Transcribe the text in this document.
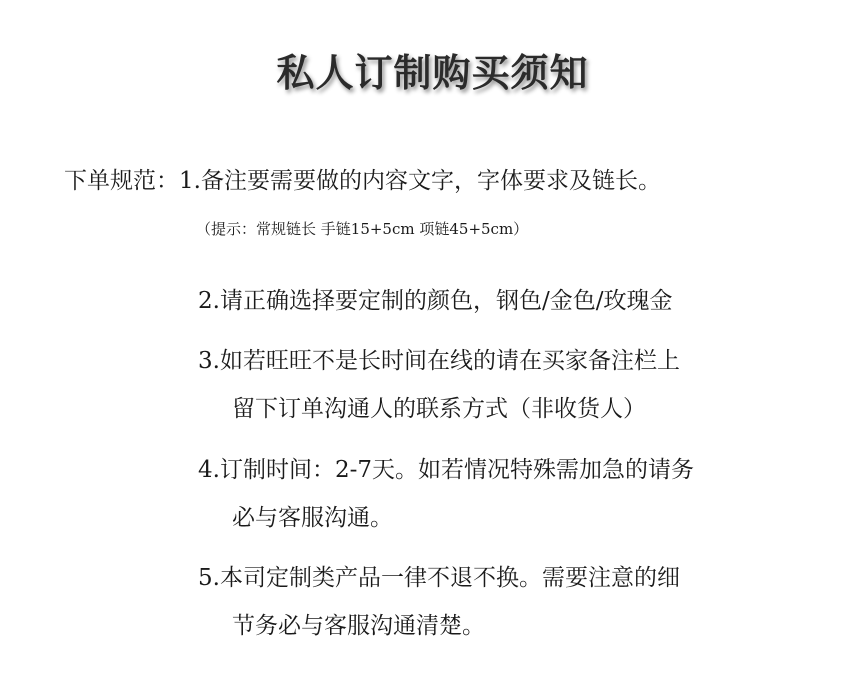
私人订制购买须知
下单规范：1.备注要需要做的内容文字，字体要求及链长。
（提示：常规链长 手链15+5cm 项链45+5cm）
2.请正确选择要定制的颜色，钢色/金色/玫瑰金
3.如若旺旺不是长时间在线的请在买家备注栏上
留下订单沟通人的联系方式（非收货人）
4.订制时间：2-7天。如若情况特殊需加急的请务
必与客服沟通。
5.本司定制类产品一律不退不换。需要注意的细
节务必与客服沟通清楚。
